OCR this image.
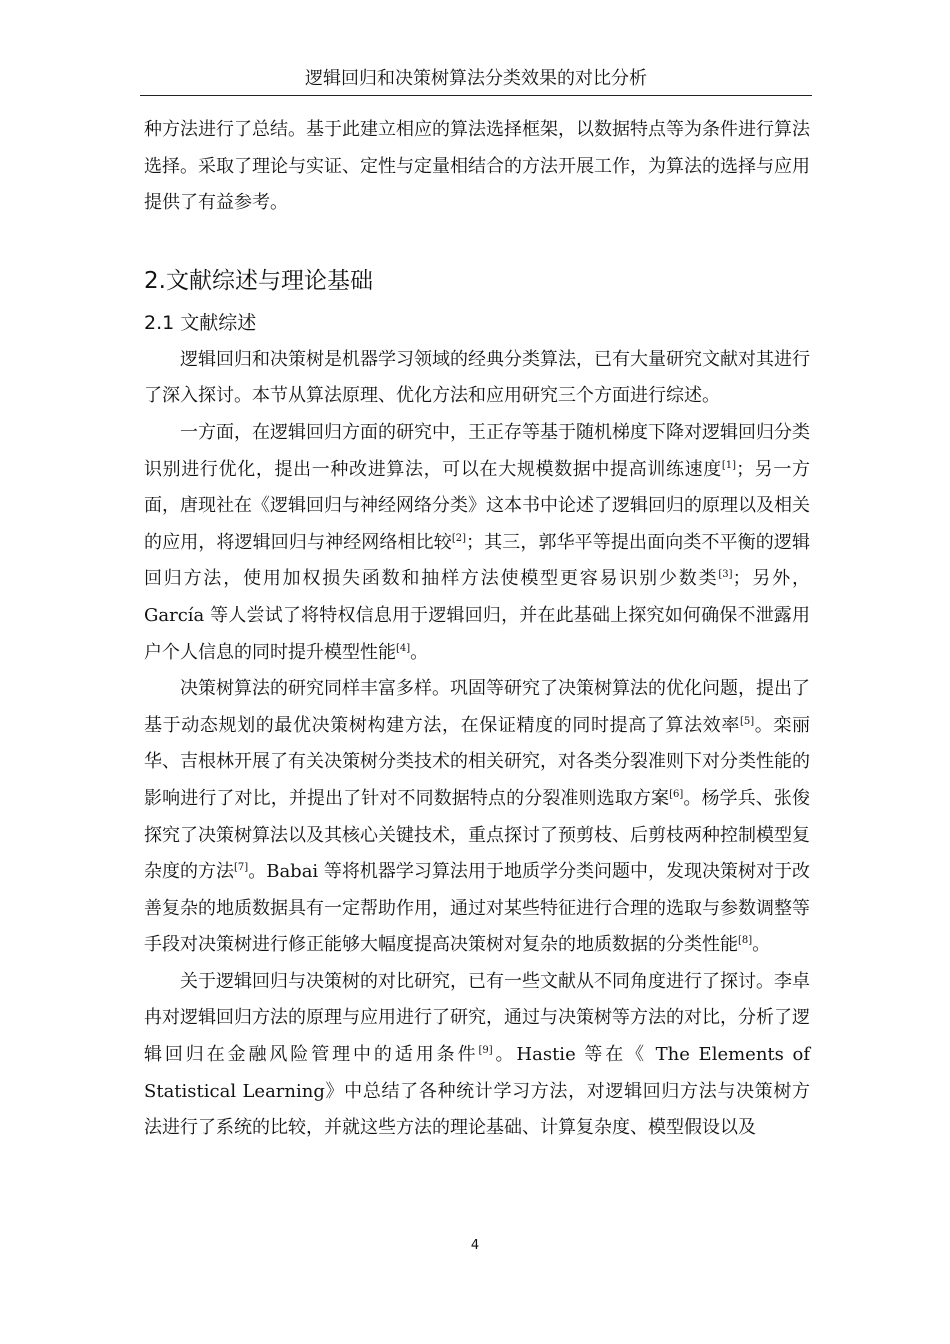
逻辑回归和决策树算法分类效果的对比分析

种方法进行了总结。基于此建立相应的算法选择框架，以数据特点等为条件进行算法选择。采取了理论与实证、定性与定量相结合的方法开展工作，为算法的选择与应用提供了有益参考。

2.文献综述与理论基础
2.1 文献综述

逻辑回归和决策树是机器学习领域的经典分类算法，已有大量研究文献对其进行了深入探讨。本节从算法原理、优化方法和应用研究三个方面进行综述。

一方面，在逻辑回归方面的研究中，王正存等基于随机梯度下降对逻辑回归分类识别进行优化，提出一种改进算法，可以在大规模数据中提高训练速度[1]；另一方面，唐现社在《逻辑回归与神经网络分类》这本书中论述了逻辑回归的原理以及相关的应用，将逻辑回归与神经网络相比较[2]；其三，郭华平等提出面向类不平衡的逻辑回归方法，使用加权损失函数和抽样方法使模型更容易识别少数类[3]；另外，García 等人尝试了将特权信息用于逻辑回归，并在此基础上探究如何确保不泄露用户个人信息的同时提升模型性能[4]。

决策树算法的研究同样丰富多样。巩固等研究了决策树算法的优化问题，提出了基于动态规划的最优决策树构建方法，在保证精度的同时提高了算法效率[5]。栾丽华、吉根林开展了有关决策树分类技术的相关研究，对各类分裂准则下对分类性能的影响进行了对比，并提出了针对不同数据特点的分裂准则选取方案[6]。杨学兵、张俊探究了决策树算法以及其核心关键技术，重点探讨了预剪枝、后剪枝两种控制模型复杂度的方法[7]。Babai 等将机器学习算法用于地质学分类问题中，发现决策树对于改善复杂的地质数据具有一定帮助作用，通过对某些特征进行合理的选取与参数调整等手段对决策树进行修正能够大幅度提高决策树对复杂的地质数据的分类性能[8]。

关于逻辑回归与决策树的对比研究，已有一些文献从不同角度进行了探讨。李卓冉对逻辑回归方法的原理与应用进行了研究，通过与决策树等方法的对比，分析了逻辑回归在金融风险管理中的适用条件[9]。Hastie 等在《 The Elements of Statistical Learning》中总结了各种统计学习方法，对逻辑回归方法与决策树方法进行了系统的比较，并就这些方法的理论基础、计算复杂度、模型假设以及

4
